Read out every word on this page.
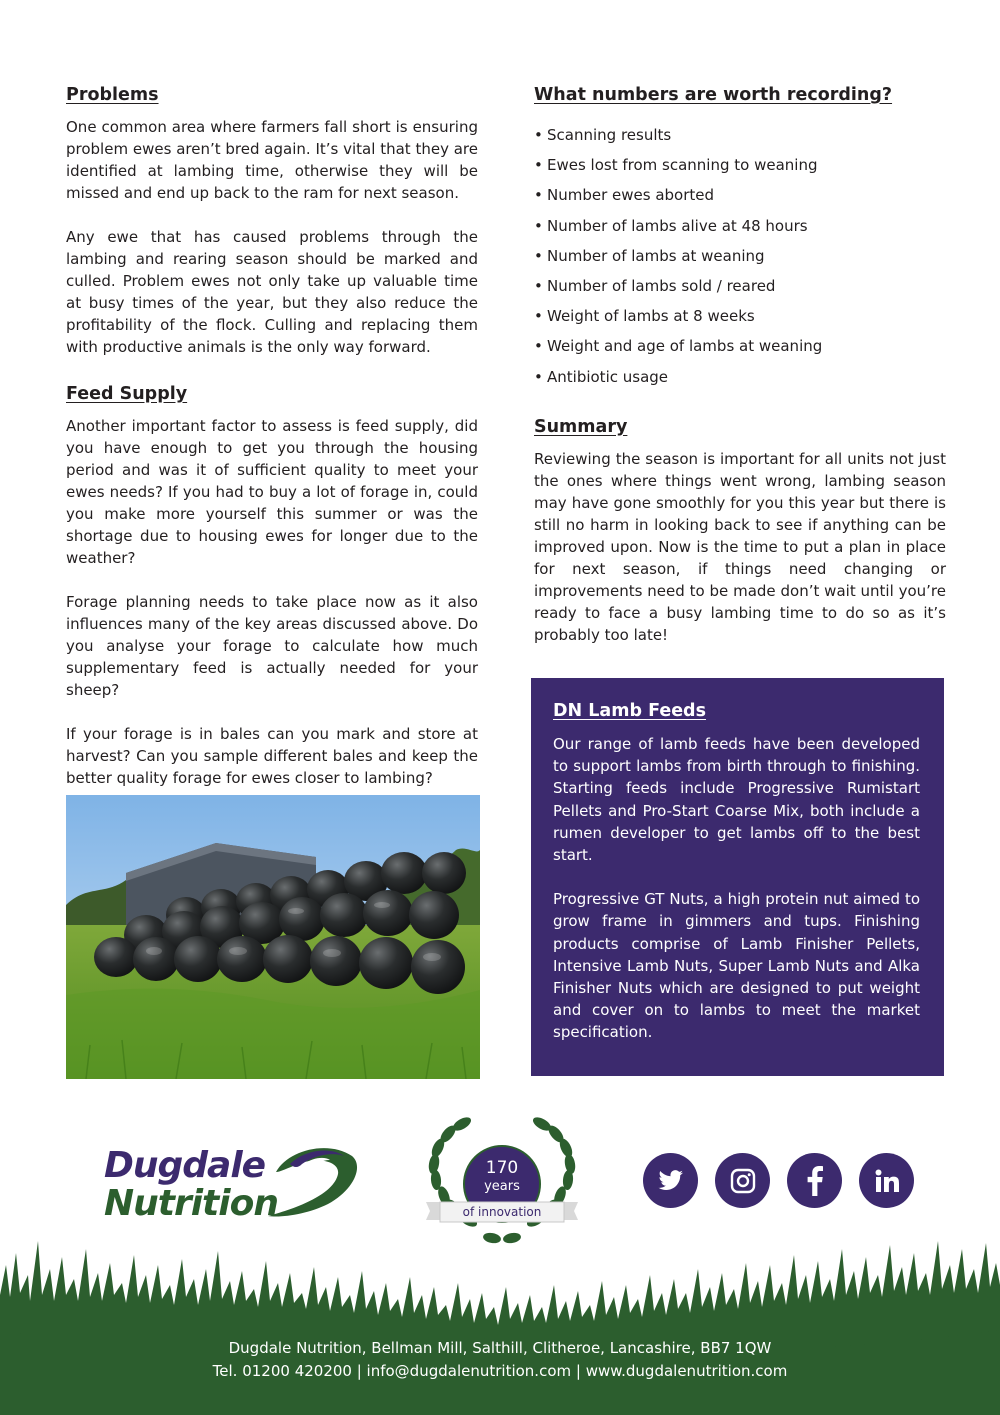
Problems

One common area where farmers fall short is ensuring problem ewes aren’t bred again. It’s vital that they are identified at lambing time, otherwise they will be missed and end up back to the ram for next season.

Any ewe that has caused problems through the lambing and rearing season should be marked and culled. Problem ewes not only take up valuable time at busy times of the year, but they also reduce the profitability of the flock. Culling and replacing them with productive animals is the only way forward.

Feed Supply

Another important factor to assess is feed supply, did you have enough to get you through the housing period and was it of sufficient quality to meet your ewes needs? If you had to buy a lot of forage in, could you make more yourself this summer or was the shortage due to housing ewes for longer due to the weather?

Forage planning needs to take place now as it also influences many of the key areas discussed above. Do you analyse your forage to calculate how much supplementary feed is actually needed for your sheep?

If your forage is in bales can you mark and store at harvest? Can you sample different bales and keep the better quality forage for ewes closer to lambing?

What numbers are worth recording?
• Scanning results
• Ewes lost from scanning to weaning
• Number ewes aborted
• Number of lambs alive at 48 hours
• Number of lambs at weaning
• Number of lambs sold / reared
• Weight of lambs at 8 weeks
• Weight and age of lambs at weaning
• Antibiotic usage
Summary

Reviewing the season is important for all units not just the ones where things went wrong, lambing season may have gone smoothly for you this year but there is still no harm in looking back to see if anything can be improved upon. Now is the time to put a plan in place for next season, if things need changing or improvements need to be made don’t wait until you’re ready to face a busy lambing time to do so as it’s probably too late!

DN Lamb Feeds

Our range of lamb feeds have been developed to support lambs from birth through to finishing. Starting feeds include Progressive Rumistart Pellets and Pro-Start Coarse Mix, both include a rumen developer to get lambs off to the best start.

Progressive GT Nuts, a high protein nut aimed to grow frame in gimmers and tups. Finishing products comprise of Lamb Finisher Pellets, Intensive Lamb Nuts, Super Lamb Nuts and Alka Finisher Nuts which are designed to put weight and cover on to lambs to meet the market specification.

Dugdale
Nutrition
170
years
of innovation
Dugdale Nutrition, Bellman Mill, Salthill, Clitheroe, Lancashire, BB7 1QW
Tel. 01200 420200 | info@dugdalenutrition.com | www.dugdalenutrition.com
